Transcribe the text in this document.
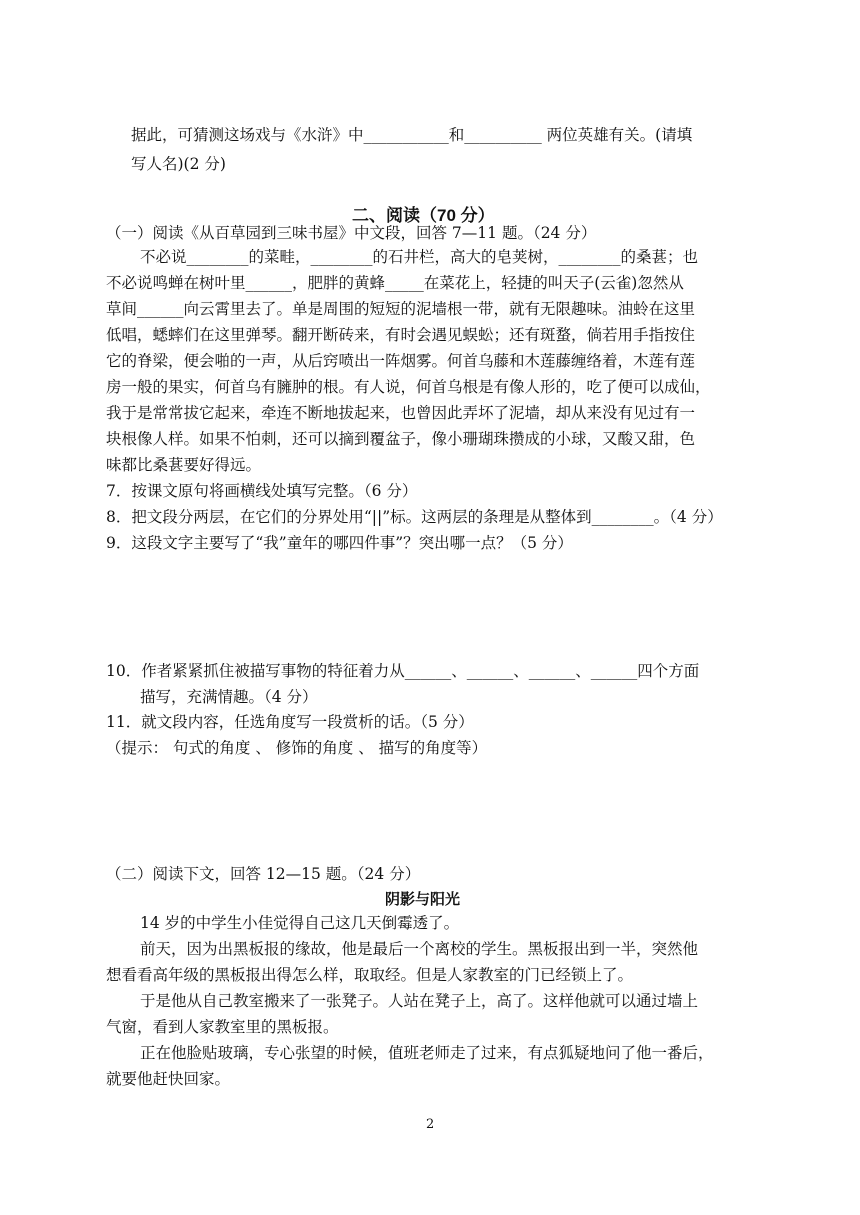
据此，可猜测这场戏与《水浒》中___________和__________ 两位英雄有关。(请填
写人名)(2 分)
二、阅读（70 分）
（一）阅读《从百草园到三味书屋》中文段，回答 7—11 题。（24 分）
不必说________的菜畦，________的石井栏，高大的皂荚树，________的桑葚；也
不必说鸣蝉在树叶里______，肥胖的黄蜂_____在菜花上，轻捷的叫天子(云雀)忽然从
草间______向云霄里去了。单是周围的短短的泥墙根一带，就有无限趣味。油蛉在这里
低唱，蟋蟀们在这里弹琴。翻开断砖来，有时会遇见蜈蚣；还有斑蝥，倘若用手指按住
它的脊梁，便会啪的一声，从后窍喷出一阵烟雾。何首乌藤和木莲藤缠络着，木莲有莲
房一般的果实，何首乌有臃肿的根。有人说，何首乌根是有像人形的，吃了便可以成仙，
我于是常常拔它起来，牵连不断地拔起来，也曾因此弄坏了泥墙，却从来没有见过有一
块根像人样。如果不怕刺，还可以摘到覆盆子，像小珊瑚珠攒成的小球，又酸又甜，色
味都比桑葚要好得远。
7．按课文原句将画横线处填写完整。（6 分）
8．把文段分两层，在它们的分界处用“||”标。这两层的条理是从整体到________。（4 分）
9．这段文字主要写了“我”童年的哪四件事”？突出哪一点？（5 分）
10．作者紧紧抓住被描写事物的特征着力从______、______、______、______四个方面
描写，充满情趣。（4 分）
11．就文段内容，任选角度写一段赏析的话。（5 分）
（提示： 句式的角度 、 修饰的角度 、 描写的角度等）
（二）阅读下文，回答 12—15 题。（24 分）
阴影与阳光
14 岁的中学生小佳觉得自己这几天倒霉透了。
前天，因为出黑板报的缘故，他是最后一个离校的学生。黑板报出到一半，突然他
想看看高年级的黑板报出得怎么样，取取经。但是人家教室的门已经锁上了。
于是他从自己教室搬来了一张凳子。人站在凳子上，高了。这样他就可以通过墙上
气窗，看到人家教室里的黑板报。
正在他脸贴玻璃，专心张望的时候，值班老师走了过来，有点狐疑地问了他一番后，
就要他赶快回家。
2
